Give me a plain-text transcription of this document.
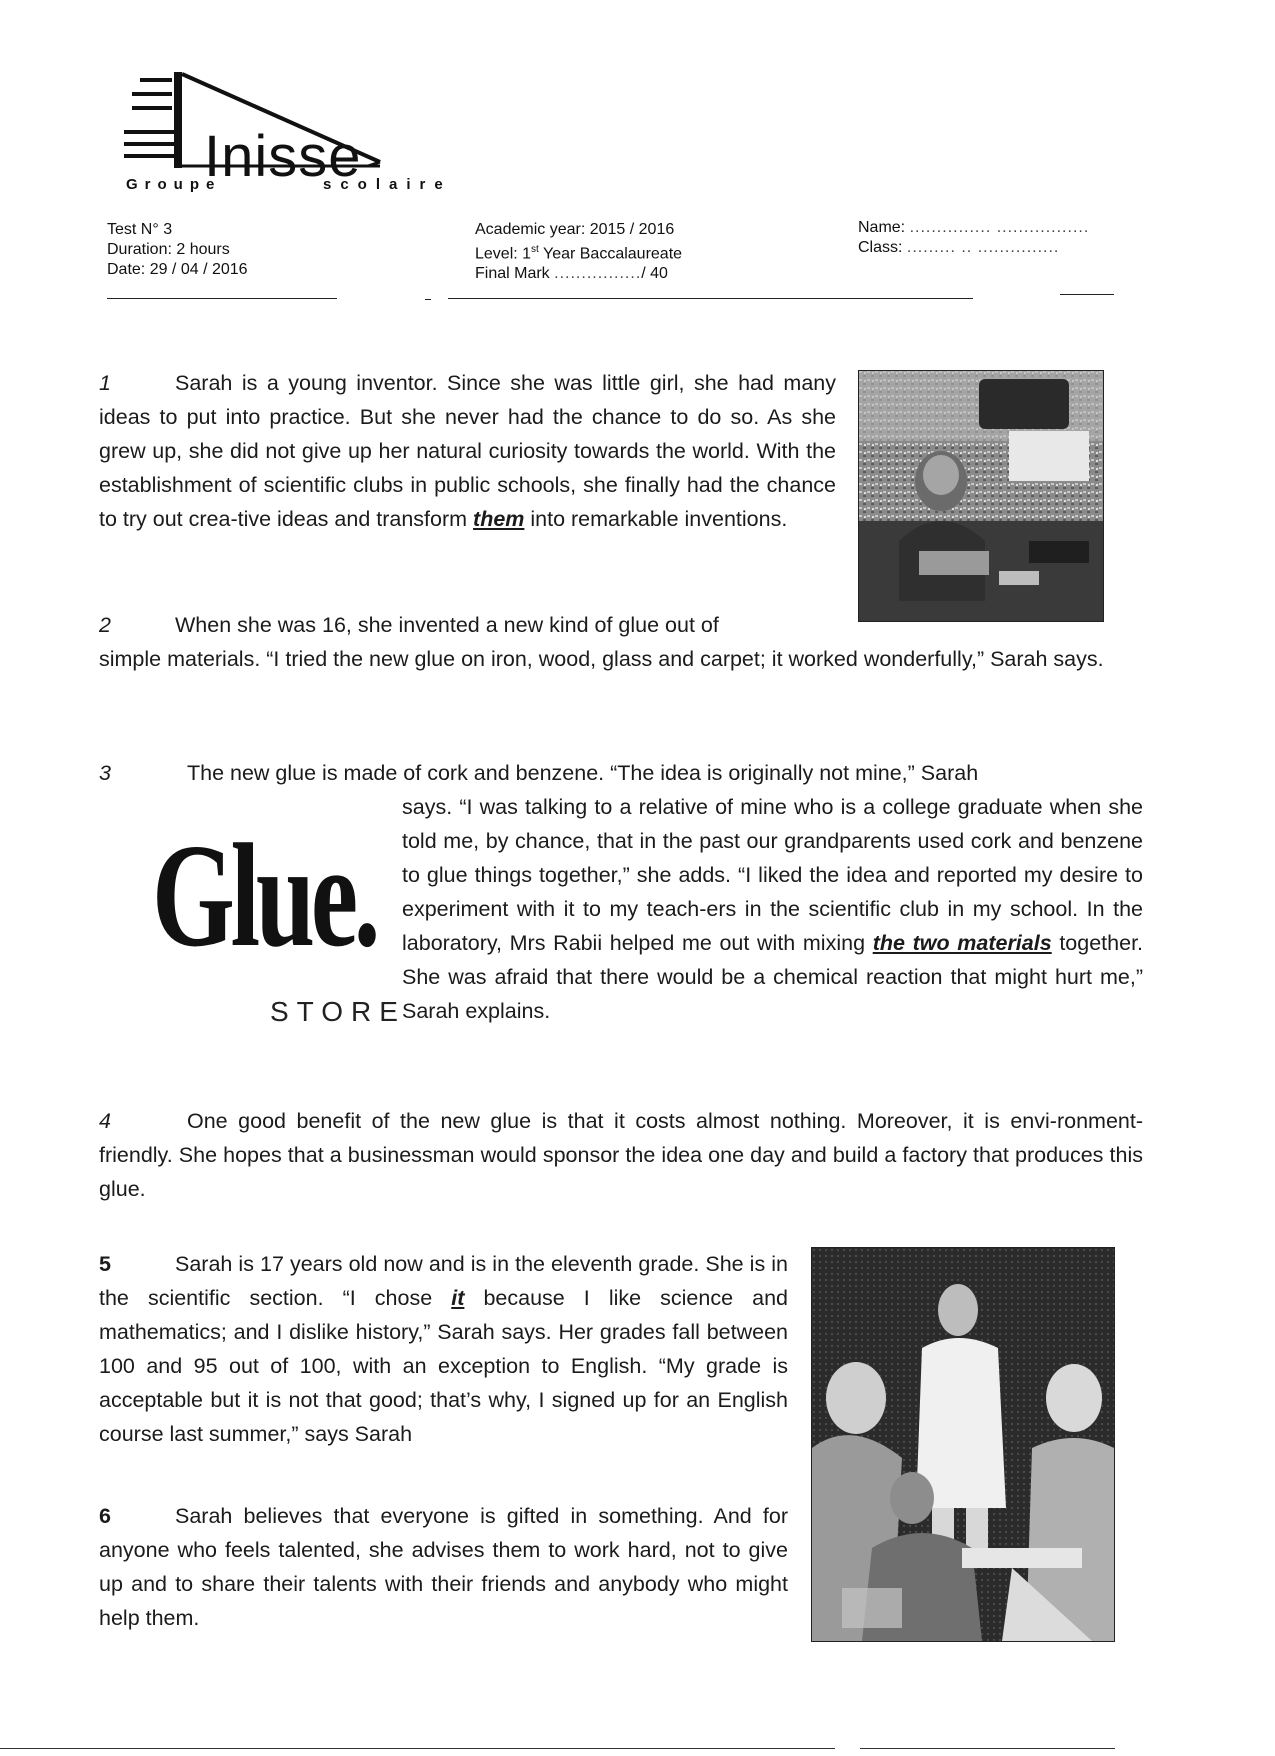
Inisse
Groupe	scolaire
Test N° 3
Duration: 2 hours
Date: 29 / 04 / 2016
Academic year: 2015 / 2016
Level: 1st Year Baccalaureate
Final Mark ................/ 40
Name: ............... .................
Class: ......... .. ...............

1	Sarah is a young inventor. Since she was little girl, she had many ideas to put into practice. But she never had the chance to do so. As she grew up, she did not give up her natural curiosity towards the world. With the establishment of scientific clubs in public schools, she finally had the chance to try out crea-tive ideas and transform them into remarkable inventions.

2	When she was 16, she invented a new kind of glue out of

simple materials. “I tried the new glue on iron, wood, glass and carpet; it worked wonderfully,” Sarah says.

3	The new glue is made of cork and benzene. “The idea is originally not mine,” Sarah

says. “I was talking to a relative of mine who is a college graduate when she told me, by chance, that in the past our grandparents used cork and benzene to glue things together,” she adds. “I liked the idea and reported my desire to experiment with it to my teach-ers in the scientific club in my school. In the laboratory, Mrs Rabii helped me out with mixing the two materials together. She was afraid that there would be a chemical reaction that might hurt me,” Sarah explains.

Glue.
STORE

4	One good benefit of the new glue is that it costs almost nothing. Moreover, it is envi-ronment-friendly. She hopes that a businessman would sponsor the idea one day and build a factory that produces this glue.

5	Sarah is 17 years old now and is in the eleventh grade. She is in the scientific section. “I chose it because I like science and mathematics; and I dislike history,” Sarah says. Her grades fall between 100 and 95 out of 100, with an exception to English. “My grade is acceptable but it is not that good; that’s why, I signed up for an English course last summer,” says Sarah

6	Sarah believes that everyone is gifted in something. And for anyone who feels talented, she advises them to work hard, not to give up and to share their talents with their friends and anybody who might help them.
